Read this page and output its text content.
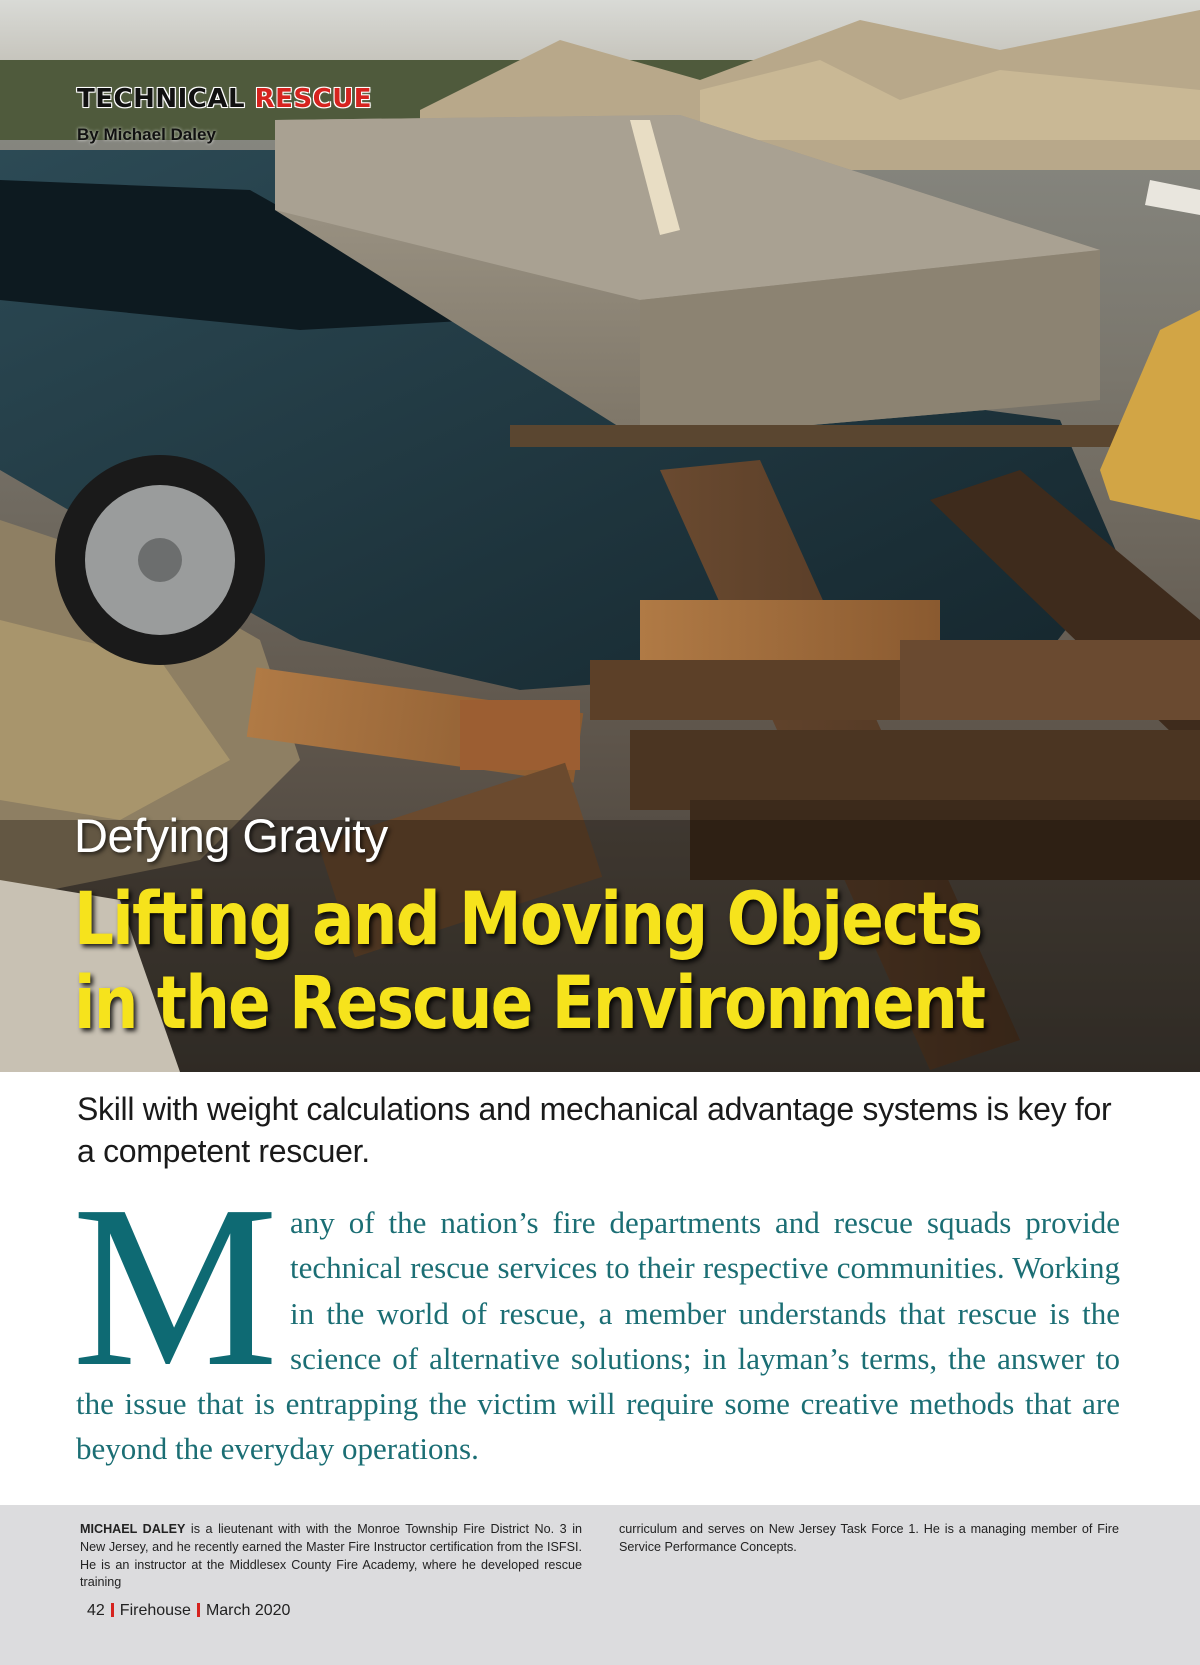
TECHNICAL RESCUE

By Michael Daley

Defying Gravity
Lifting and Moving Objects
in the Rescue Environment

Skill with weight calculations and mechanical advantage systems is key for a competent rescuer.

M any of the nation’s fire departments and rescue squads provide technical rescue services to their respective communities. Working in the world of rescue, a member understands that rescue is the science of alternative solutions; in layman’s terms, the answer to the issue that is entrapping the victim will require some creative methods that are beyond the everyday operations.

MICHAEL DALEY is a lieutenant with with the Monroe Township Fire District No. 3 in New Jersey, and he recently earned the Master Fire Instructor certification from the ISFSI. He is an instructor at the Middlesex County Fire Academy, where he developed rescue training

curriculum and serves on New Jersey Task Force 1. He is a managing member of Fire Service Performance Concepts.

42 Firehouse March 2020
